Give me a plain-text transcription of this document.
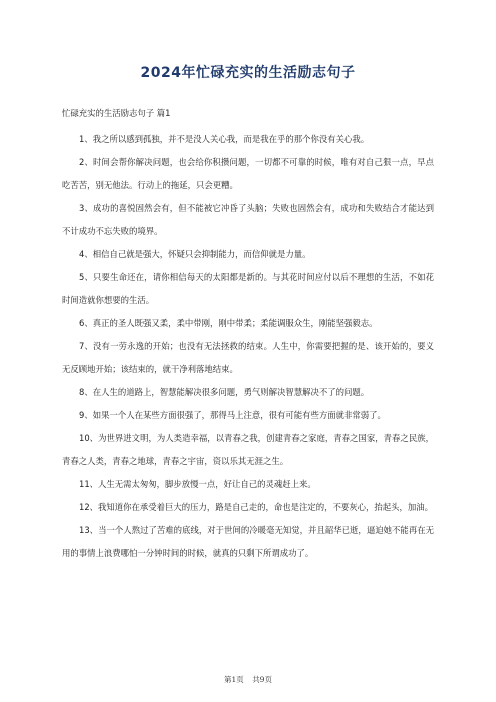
2024年忙碌充实的生活励志句子
忙碌充实的生活励志句子 篇1

1、我之所以感到孤独，并不是没人关心我，而是我在乎的那个你没有关心我。

2、时间会帮你解决问题，也会给你积攒问题，一切都不可靠的时候，唯有对自己狠一点，早点吃苦苦，别无他法。行动上的拖延，只会更糟。

3、成功的喜悦固然会有，但不能被它冲昏了头脑；失败也固然会有，成功和失败结合才能达到不计成功不忘失败的境界。

4、相信自己就是强大，怀疑只会抑制能力，而信仰就是力量。

5、只要生命还在，请你相信每天的太阳都是新的。与其花时间应付以后不理想的生活，不如花时间造就你想要的生活。

6、真正的圣人既强又柔，柔中带刚，刚中带柔；柔能调服众生，刚能坚强毅志。

7、没有一劳永逸的开始；也没有无法拯救的结束。人生中，你需要把握的是、该开始的，要义无反顾地开始；该结束的，就干净利落地结束。

8、在人生的道路上，智慧能解决很多问题，勇气则解决智慧解决不了的问题。

9、如果一个人在某些方面很强了，那得马上注意，很有可能有些方面就非常弱了。

10、为世界进文明，为人类造幸福，以青春之我，创建青春之家庭，青春之国家，青春之民族，青春之人类，青春之地球，青春之宇宙，资以乐其无涯之生。

11、人生无需太匆匆，脚步放慢一点，好让自己的灵魂赶上来。

12、我知道你在承受着巨大的压力，路是自己走的，命也是注定的，不要灰心，抬起头，加油。

13、当一个人熬过了苦难的底线，对于世间的冷暖毫无知觉，并且韶华已逝，逼迫她不能再在无用的事情上浪费哪怕一分钟时间的时候，就真的只剩下所谓成功了。

第1页 共9页
